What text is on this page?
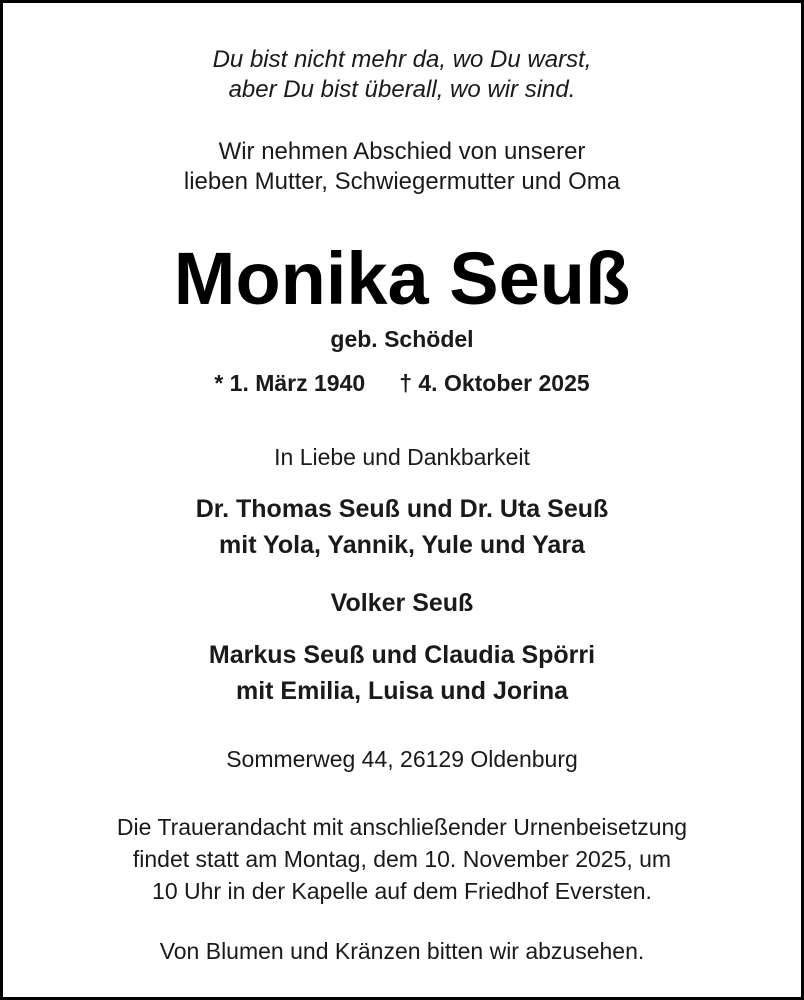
Du bist nicht mehr da, wo Du warst,
aber Du bist überall, wo wir sind.
Wir nehmen Abschied von unserer
lieben Mutter, Schwiegermutter und Oma
Monika Seuß
geb. Schödel
* 1. März 1940 † 4. Oktober 2025
In Liebe und Dankbarkeit
Dr. Thomas Seuß und Dr. Uta Seuß
mit Yola, Yannik, Yule und Yara
Volker Seuß
Markus Seuß und Claudia Spörri
mit Emilia, Luisa und Jorina
Sommerweg 44, 26129 Oldenburg
Die Trauerandacht mit anschließender Urnenbeisetzung
findet statt am Montag, dem 10. November 2025, um
10 Uhr in der Kapelle auf dem Friedhof Eversten.
Von Blumen und Kränzen bitten wir abzusehen.
